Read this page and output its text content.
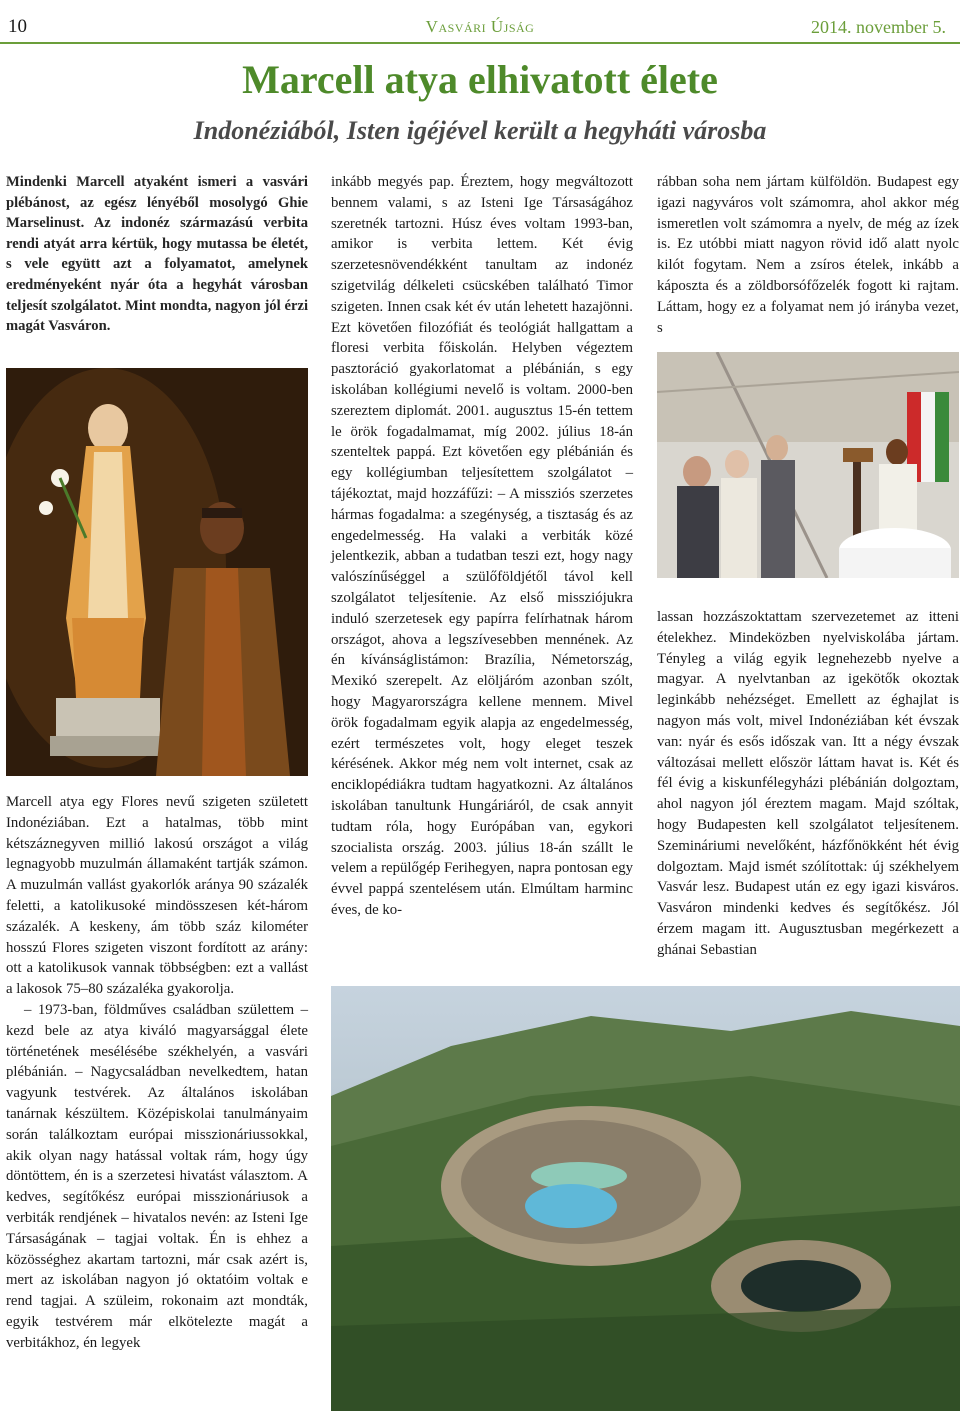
10	Vasvári Újság	2014. november 5.
Marcell atya elhivatott élete
Indonéziából, Isten igéjével került a hegyháti városba

Mindenki Marcell atyaként ismeri a vasvári plébánost, az egész lényéből mosolygó Ghie Marselinust. Az indonéz származású verbita rendi atyát arra kértük, hogy mutassa be életét, s vele együtt azt a folyamatot, amelynek eredményeként nyár óta a hegyhát városban teljesít szolgálatot. Mint mondta, nagyon jól érzi magát Vasváron.

Marcell atya egy Flores nevű szigeten született Indonéziában. Ezt a hatalmas, több mint kétszáznegyven millió lakosú országot a világ legnagyobb muzulmán államaként tartják számon. A muzulmán vallást gyakorlók aránya 90 százalék feletti, a katolikusoké mindösszesen két-három százalék. A keskeny, ám több száz kilométer hosszú Flores szigeten viszont fordított az arány: ott a katolikusok vannak többségben: ezt a vallást a lakosok 75–80 százaléka gyakorolja.

– 1973-ban, földműves családban születtem – kezd bele az atya kiváló magyarsággal élete történetének mesélésébe székhelyén, a vasvári plébánián. – Nagycsaládban nevelkedtem, hatan vagyunk testvérek. Az általános iskolában tanárnak készültem. Középiskolai tanulmányaim során találkoztam európai misszionáriussokkal, akik olyan nagy hatással voltak rám, hogy úgy döntöttem, én is a szerzetesi hivatást választom. A kedves, segítőkész európai misszionáriusok a verbiták rendjének – hivatalos nevén: az Isteni Ige Társaságának – tagjai voltak. Én is ehhez a közösséghez akartam tartozni, már csak azért is, mert az iskolában nagyon jó oktatóim voltak e rend tagjai. A szüleim, rokonaim azt mondták, egyik testvérem már elkötelezte magát a verbitákhoz, én legyek

inkább megyés pap. Éreztem, hogy megváltozott bennem valami, s az Isteni Ige Társaságához szeretnék tartozni. Húsz éves voltam 1993-ban, amikor is verbita lettem. Két évig szerzetesnövendékként tanultam az indonéz szigetvilág délkeleti csücskében található Timor szigeten. Innen csak két év után lehetett hazajönni. Ezt követően filozófiát és teológiát hallgattam a floresi verbita főiskolán. Helyben végeztem pasztoráció gyakorlatomat a plébánián, s egy iskolában kollégiumi nevelő is voltam. 2000-ben szereztem diplomát. 2001. augusztus 15-én tettem le örök fogadalmamat, míg 2002. július 18-án szenteltek pappá. Ezt követően egy plébánián és egy kollégiumban teljesítettem szolgálatot – tájékoztat, majd hozzáfűzi: – A missziós szerzetes hármas fogadalma: a szegénység, a tisztaság és az engedelmesség. Ha valaki a verbiták közé jelentkezik, abban a tudatban teszi ezt, hogy nagy valószínűséggel a szülőföldjétől távol kell szolgálatot teljesítenie. Az első missziójukra induló szerzetesek egy papírra felírhatnak három országot, ahova a legszívesebben mennének. Az én kívánságlistámon: Brazília, Németország, Mexikó szerepelt. Az elöljáróm azonban szólt, hogy Magyarországra kellene mennem. Mivel örök fogadalmam egyik alapja az engedelmesség, ezért természetes volt, hogy eleget teszek kérésének. Akkor még nem volt internet, csak az enciklopédiákra tudtam hagyatkozni. Az általános iskolában tanultunk Hungáriáról, de csak annyit tudtam róla, hogy Európában van, egykori szocialista ország. 2003. július 18-án szállt le velem a repülőgép Ferihegyen, napra pontosan egy évvel pappá szentelésem után. Elmúltam harminc éves, de ko-

rábban soha nem jártam külföldön. Budapest egy igazi nagyváros volt számomra, ahol akkor még ismeretlen volt számomra a nyelv, de még az ízek is. Ez utóbbi miatt nagyon rövid idő alatt nyolc kilót fogytam. Nem a zsíros ételek, inkább a káposzta és a zöldborsófőzelék fogott ki rajtam. Láttam, hogy ez a folyamat nem jó irányba vezet, s

lassan hozzászoktattam szervezetemet az itteni ételekhez. Mindeközben nyelviskolába jártam. Tényleg a világ egyik legnehezebb nyelve a magyar. A nyelvtanban az igekötők okoztak leginkább nehézséget. Emellett az éghajlat is nagyon más volt, mivel Indonéziában két évszak van: nyár és esős időszak van. Itt a négy évszak változásai mellett először láttam havat is. Két és fél évig a kiskunfélegyházi plébánián dolgoztam, ahol nagyon jól éreztem magam. Majd szóltak, hogy Budapesten kell szolgálatot teljesítenem. Szemináriumi nevelőként, házfőnökként hét évig dolgoztam. Majd ismét szólítottak: új székhelyem Vasvár lesz. Budapest után ez egy igazi kisváros. Vasváron mindenki kedves és segítőkész. Jól érzem magam itt. Augusztusban megérkezett a ghánai Sebastian
